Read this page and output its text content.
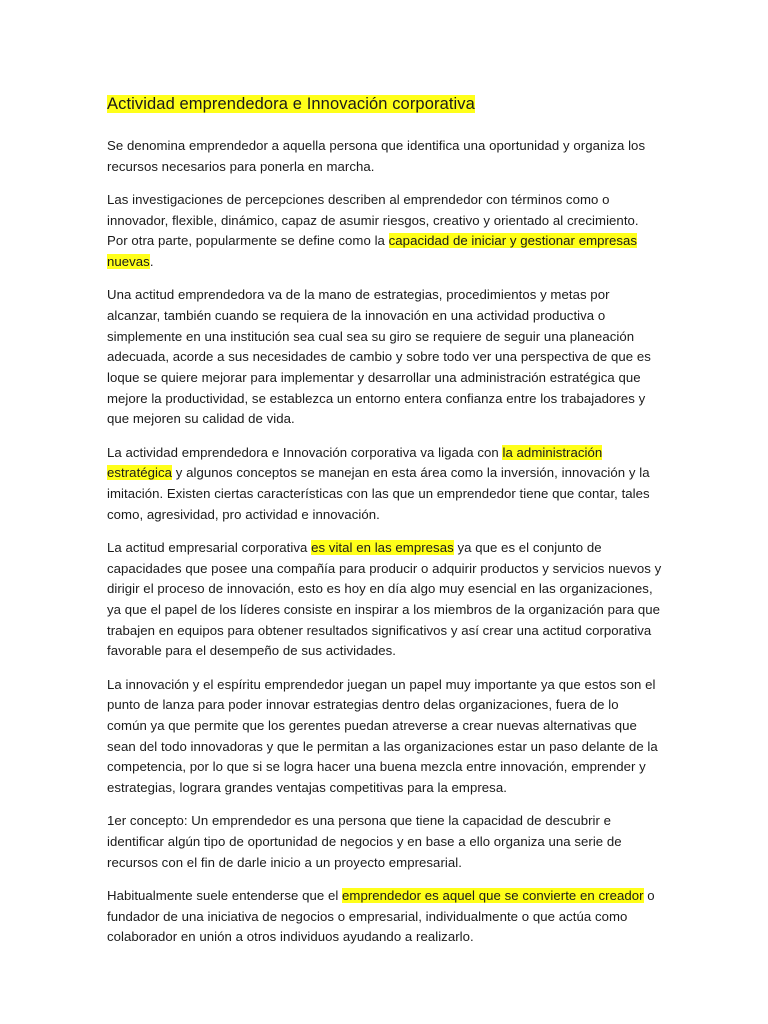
Actividad emprendedora e Innovación corporativa

Se denomina emprendedor a aquella persona que identifica una oportunidad y organiza los recursos necesarios para ponerla en marcha.

Las investigaciones de percepciones describen al emprendedor con términos como o innovador, flexible, dinámico, capaz de asumir riesgos, creativo y orientado al crecimiento. Por otra parte, popularmente se define como la capacidad de iniciar y gestionar empresas nuevas.

Una actitud emprendedora va de la mano de estrategias, procedimientos y metas por alcanzar, también cuando se requiera de la innovación en una actividad productiva o simplemente en una institución sea cual sea su giro se requiere de seguir una planeación adecuada, acorde a sus necesidades de cambio y sobre todo ver una perspectiva de que es loque se quiere mejorar para implementar y desarrollar una administración estratégica que mejore la productividad, se establezca un entorno entera confianza entre los trabajadores y que mejoren su calidad de vida.

La actividad emprendedora e Innovación corporativa va ligada con la administración estratégica y algunos conceptos se manejan en esta área como la inversión, innovación y la imitación. Existen ciertas características con las que un emprendedor tiene que contar, tales como, agresividad, pro actividad e innovación.

La actitud empresarial corporativa es vital en las empresas ya que es el conjunto de capacidades que posee una compañía para producir o adquirir productos y servicios nuevos y dirigir el proceso de innovación, esto es hoy en día algo muy esencial en las organizaciones, ya que el papel de los líderes consiste en inspirar a los miembros de la organización para que trabajen en equipos para obtener resultados significativos y así crear una actitud corporativa favorable para el desempeño de sus actividades.

La innovación y el espíritu emprendedor juegan un papel muy importante ya que estos son el punto de lanza para poder innovar estrategias dentro delas organizaciones, fuera de lo común ya que permite que los gerentes puedan atreverse a crear nuevas alternativas que sean del todo innovadoras y que le permitan a las organizaciones estar un paso delante de la competencia, por lo que si se logra hacer una buena mezcla entre innovación, emprender y estrategias, lograra grandes ventajas competitivas para la empresa.

1er concepto: Un emprendedor es una persona que tiene la capacidad de descubrir e identificar algún tipo de oportunidad de negocios y en base a ello organiza una serie de recursos con el fin de darle inicio a un proyecto empresarial.

Habitualmente suele entenderse que el emprendedor es aquel que se convierte en creador o fundador de una iniciativa de negocios o empresarial, individualmente o que actúa como colaborador en unión a otros individuos ayudando a realizarlo.
